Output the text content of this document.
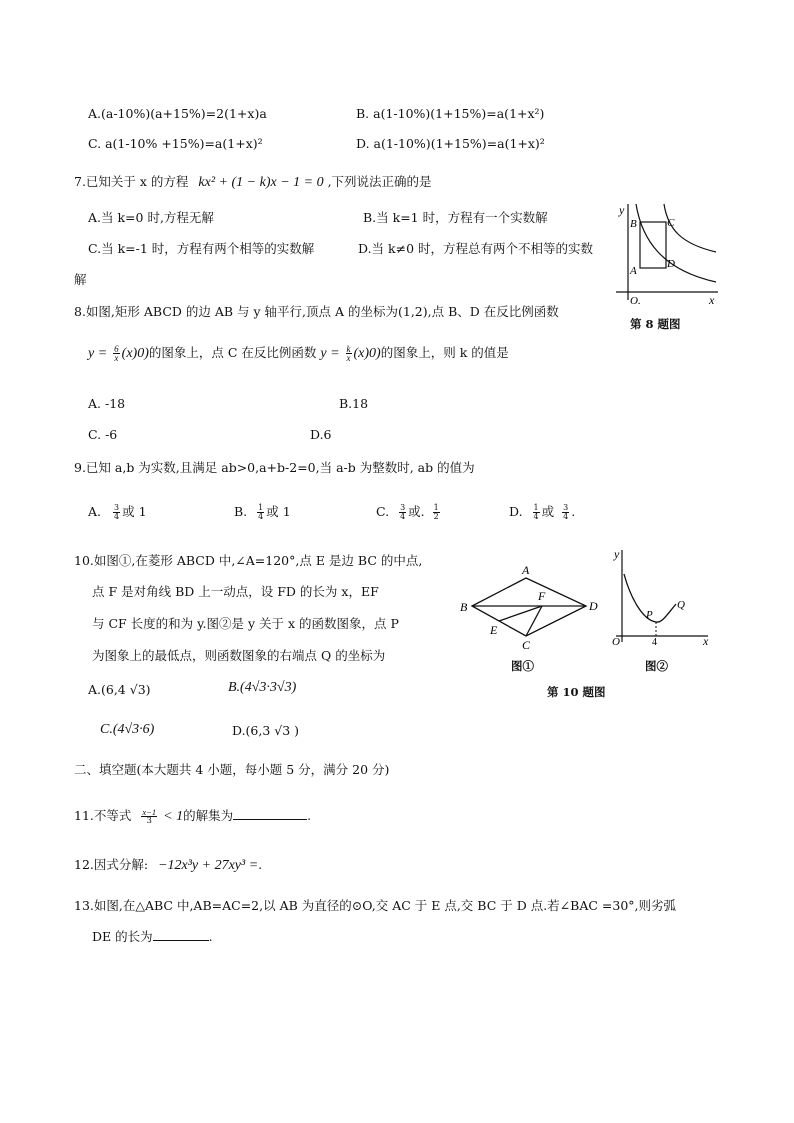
A.(a-10%)(a+15%)=2(1+x)a	B. a(1-10%)(1+15%)=a(1+x²)
C. a(1-10% +15%)=a(1+x)²	D. a(1-10%)(1+15%)=a(1+x)²
7.已知关于 x 的方程 kx² + (1 − k)x − 1 = 0 ,下列说法正确的是
A.当 k=0 时,方程无解	B.当 k=1 时，方程有一个实数解
C.当 k=-1 时，方程有两个相等的实数解	D.当 k≠0 时，方程总有两个不相等的实数
解
y
x
O.
A
B	C
D
第 8 题图
8.如图,矩形 ABCD 的边 AB 与 y 轴平行,顶点 A 的坐标为(1,2),点 B、D 在反比例函数
$y = \frac{6}{x} (x)0$)的图象上，点 C 在反比例函数 $y = \frac{k}{x} (x)0$)的图象上，则 k 的值是
A. -18	B.18
C. -6	D.6
9.已知 a,b 为实数,且满足 ab>0,a+b-2=0,当 a-b 为整数时, ab 的值为
A. $\frac{3}{4}$ 或 1	B. $\frac{1}{4}$ 或 1	C. $\frac{3}{4}$ 或. $\frac{1}{2}$	D. $\frac{1}{4}$ 或 $\frac{3}{4}$ .
10.如图①,在菱形 ABCD 中,∠A=120°,点 E 是边 BC 的中点,
点 F 是对角线 BD 上一动点，设 FD 的长为 x，EF
与 CF 长度的和为 y.图②是 y 关于 x 的函数图象，点 P
为图象上的最低点，则函数图象的右端点 Q 的坐标为
A.(6,4 √3)	B.(4√3·3√3)
C.(4√3·6)	D.(6,3 √3 )
A
B
C
D
E
F
图①
y
x
O
P
Q
4
图②
第 10 题图
二、填空题(本大题共 4 小题，每小题 5 分，满分 20 分)
11.不等式 $\frac{x-1}{3} < 1$的解集为	.
12.因式分解: −12x³y + 27xy³ =.
13.如图,在△ABC 中,AB=AC=2,以 AB 为直径的⊙O,交 AC 于 E 点,交 BC 于 D 点.若∠BAC =30°,则劣弧
DE 的长为	.
